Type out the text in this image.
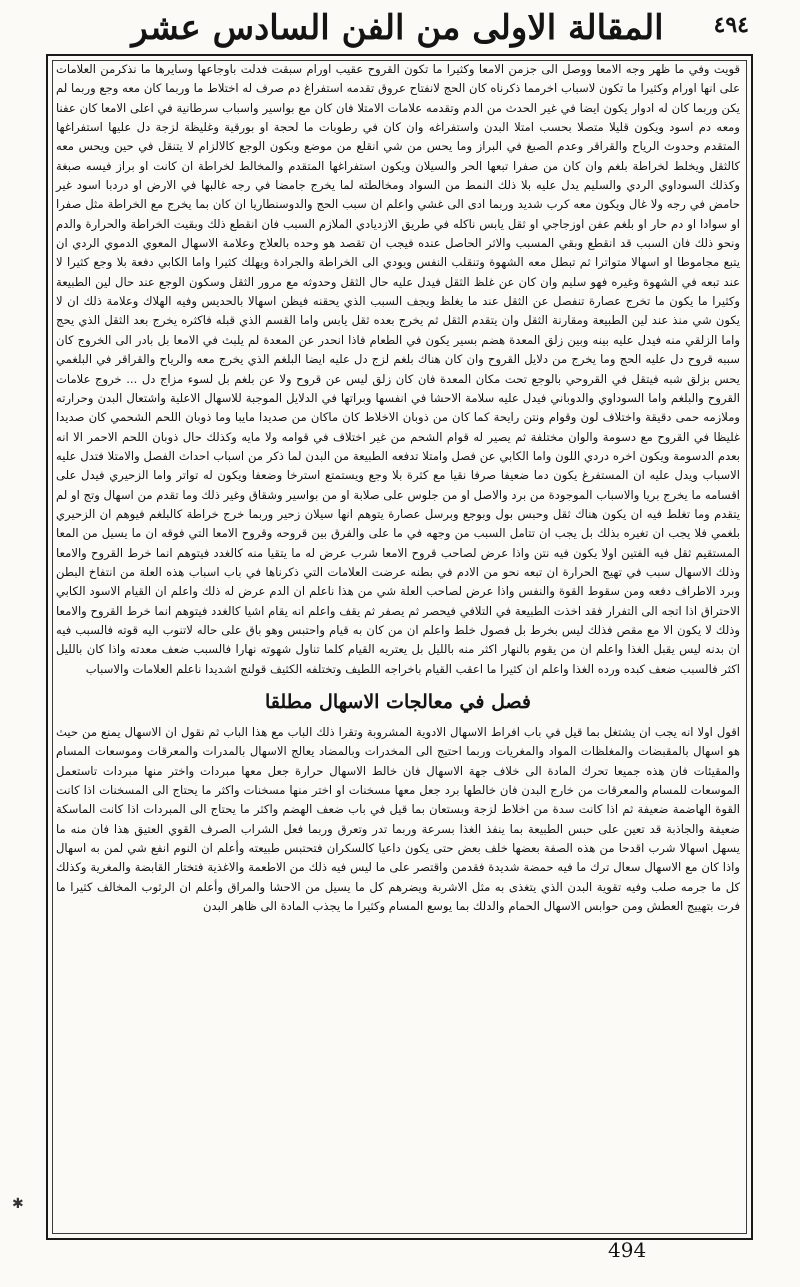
المقالة الاولى من الفن السادس عشر ٤٩٤

قويت وفي ما ظهر وجه الامعا ووصل الى جزمن الامعا وكثيرا ما تكون القروح عقيب اورام سبقت فدلت باوجاعها وسايرها ما نذكرمن العلامات على انها اورام وكثيرا ما تكون لاسباب اخرمما ذكرناه كان الحج لانفتاح عروق تقدمه استفراغ دم صرف له اختلاط ما وربما كان معه وجع وربما لم يكن وربما كان له ادوار يكون ايضا في غير الحدث من الدم وتقدمه علامات الامتلا فان كان مع بواسير واسباب سرطانية في اعلى الامعا كان عفنا ومعه دم اسود ويكون قليلا متصلا بحسب امتلا البدن واستفراغه وان كان في رطوبات ما لحجة او بورقية وغليظة لزجة دل عليها استفراغها المتقدم وحدوث الرياح والقراقر وعدم الصبغ في البراز وما يحس من شي انقلع من موضع وبكون الوجع كالالزام لا يتنقل في حين ويحس معه كالثقل ويخلط لخراطة بلغم وان كان من صفرا تبعها الحر والسيلان ويكون استفراغها المتقدم والمخالط لخراطة ان كانت او براز فيسه صبغة وكذلك السوداوي الردي والسليم يدل عليه بلا ذلك النمط من السواد ومخالطته لما يخرج جامضا في رجه غالبها في الارض او دردبا اسود غير حامض في رجه ولا غال ويكون معه كرب شديد وربما ادى الى غشي واعلم ان سبب الحج والدوسنطاريا ان كان بما يخرج مع الخراطة مثل صفرا او سوادا او دم حار او بلغم عفن اوزجاجي او ثقل يابس ناكله في طريق الازديادي الملازم السبب فان انقطع ذلك وبقيت الخراطة والحرارة والدم ونحو ذلك فان السبب قد انقطع وبقي المسبب والاثر الحاصل عنده فيجب ان تقصد هو وحده بالعلاج وعلامة الاسهال المعوي الدموي الردي ان يتبع مجاموطا او اسهالا متواترا ثم تبطل معه الشهوة وتنقلب النفس ويودي الى الخراطة والجرادة ويهلك كثيرا واما الكابي دفعة بلا وجع كثيرا لا عند تبعه في الشهوة وغيره فهو سليم وان كان عن غلظ الثقل فيدل عليه حال الثقل وحدوثه مع مرور الثقل وسكون الوجع عند حال لين الطبيعة وكثيرا ما يكون ما تخرج عصارة تنفصل عن الثقل عند ما يغلظ ويجف السبب الذي يحقنه فيظن اسهالا بالحديس وفيه الهلاك وعلامة ذلك ان لا يكون شي منذ عند لين الطبيعة ومقارنة الثقل وان يتقدم الثقل ثم يخرج بعده ثقل يابس واما القسم الذي قبله فاكثره يخرج بعد الثقل الذي يحج واما الزلقي منه فيدل عليه بينه وبين زلق المعدة هضم بسير يكون في الطعام فاذا انحدر عن المعدة لم يلبث في الامعا بل بادر الى الخروج كان سببه قروح دل عليه الحج وما يخرج من دلايل القروح وان كان هناك بلغم لزج دل عليه ايضا البلغم الذي يخرج معه والرياح والقراقر في البلغمي يحس بزلق شبه فيتقل في القروحي بالوجع تحت مكان المعدة فان كان زلق ليس عن قروح ولا عن بلغم بل لسوء مزاج دل ... خروج علامات القروح والبلغم واما السوداوي والدوباني فيدل عليه سلامة الاحشا في انفسها وبراتها في الدلايل الموجبة للاسهال الاعلية واشتعال البدن وحرارته وملازمه حمى دقيقة واختلاف لون وقوام ونتن رايحة كما كان من ذوبان الاخلاط كان ماكان من صديدا مايبا وما ذوبان اللحم الشحمي كان صديدا غليظا في القروح مع دسومة والوان مختلفة ثم يصير له قوام الشحم من غير اختلاف في قوامه ولا مايه وكذلك حال ذوبان اللحم الاحمر الا انه بعدم الدسومة ويكون اخره دردي اللون واما الكابي عن فصل وامتلا تدفعه الطبيعة من البدن لما ذكر من اسباب احداث الفصل والامتلا فتدل عليه الاسباب ويدل عليه ان المستفرغ يكون دما ضعيفا صرفا نقيا مع كثرة بلا وجع ويستمتع استرخا وضعفا ويكون له تواتر واما الزحيري فيدل على اقسامه ما يخرج بريا والاسباب الموجودة من برد والاصل او من جلوس على صلابة او من بواسير وشقاق وغير ذلك وما تقدم من اسهال وتج او لم يتقدم وما تغلط فيه ان يكون هناك ثقل وحبس بول وبوجع وبرسل عصارة يتوهم انها سيلان زحير وربما خرج خراطة كالبلغم فيوهم ان الزحيري بلغمي فلا يجب ان تغيره بذلك بل يجب ان تتامل السبب من وجهه في ما على والفرق بين قروحه وقروح الامعا التي فوقه ان ما يسيل من المعا المستقيم ثقل فيه الفتين اولا يكون فيه نتن واذا عرض لصاحب قروح الامعا شرب عرض له ما يتقيا منه كالغدد فيتوهم انما خرط القروح والامعا وذلك الاسهال سبب في تهيج الحرارة ان تبعه نحو من الادم في بطنه عرضت العلامات التي ذكرناها في باب اسباب هذه العلة من انتفاخ البطن وبرد الاطراف دفعه ومن سقوط القوة والنفس واذا عرض لصاحب العلة شي من هذا ناعلم ان الدم عرض له ذلك واعلم ان القيام الاسود الكابي الاحتراق اذا اتجه الى التفرار فقد اخذت الطبيعة في التلافي فيحصر ثم يصفر ثم يقف واعلم انه يقام اشيا كالغدد فيتوهم انما خرط القروح والامعا وذلك لا يكون الا مع مقص فذلك ليس بخرط بل فصول خلط واعلم ان من كان به قيام واحتبس وهو باق على حاله لاتنوب اليه قوته فالسبب فيه ان بدنه ليس يقبل الغذا واعلم ان من يقوم بالنهار اكثر منه بالليل بل يعتريه القيام كلما تناول شهوته نهارا فالسبب ضعف معدته واذا كان بالليل اكثر فالسبب ضعف كبده ورده الغذا واعلم ان كثيرا ما اعقب القيام باخراجه اللطيف وتختلفه الكثيف قولنج اشديدا ناعلم العلامات والاسباب

فصل في معالجات الاسهال مطلقا

اقول اولا انه يجب ان يشتغل بما قيل في باب افراط الاسهال الادوية المشروبة وتقرا ذلك الباب مع هذا الباب ثم نقول ان الاسهال يمنع من حيث هو اسهال بالمقبضات والمغلظات المواد والمغريات وربما احتيج الى المخدرات وبالمضاد يعالج الاسهال بالمدرات والمعرقات وموسعات المسام والمقيئات فان هذه جميعا تحرك المادة الى خلاف جهة الاسهال فان خالط الاسهال حرارة جعل معها مبردات واختر منها مبردات تاستعمل الموسعات للمسام والمعرقات من خارج البدن فان خالطها برد جعل معها مسخنات او اختر منها مسخنات واكثر ما يحتاج الى المسخنات اذا كانت القوة الهاضمة ضعيفة ثم اذا كانت سدة من اخلاط لزجة وبستعان بما قيل في باب ضعف الهضم واكثر ما يحتاج الى المبردات اذا كانت الماسكة ضعيفة والجاذبة قد تعين على حبس الطبيعة بما ينفذ الغذا بسرعة وربما تدر وتعرق وربما فعل الشراب الصرف القوي العتيق هذا فان منه ما يسهل اسهالا شرب اقدحا من هذه الصفة بعضها خلف بعض حتى يكون داعيا كالسكران فتحتبس طبيعته وأعلم ان النوم انفع شي لمن به اسهال واذا كان مع الاسهال سعال ترك ما فيه حمضة شديدة فقدمن واقتصر على ما ليس فيه ذلك من الاطعمة والاغذية فتختار القابضة والمغرية وكذلك كل ما جرمه صلب وفيه تقوية البدن الذي يتغذى به مثل الاشربة ويضرهم كل ما يسيل من الاحشا والمراق وأعلم ان الرثوب المخالف كثيرا ما فرت بتهييج العطش ومن حوابس الاسهال الحمام والدلك بما يوسع المسام وكثيرا ما يجذب المادة الى ظاهر البدن

✱
494
